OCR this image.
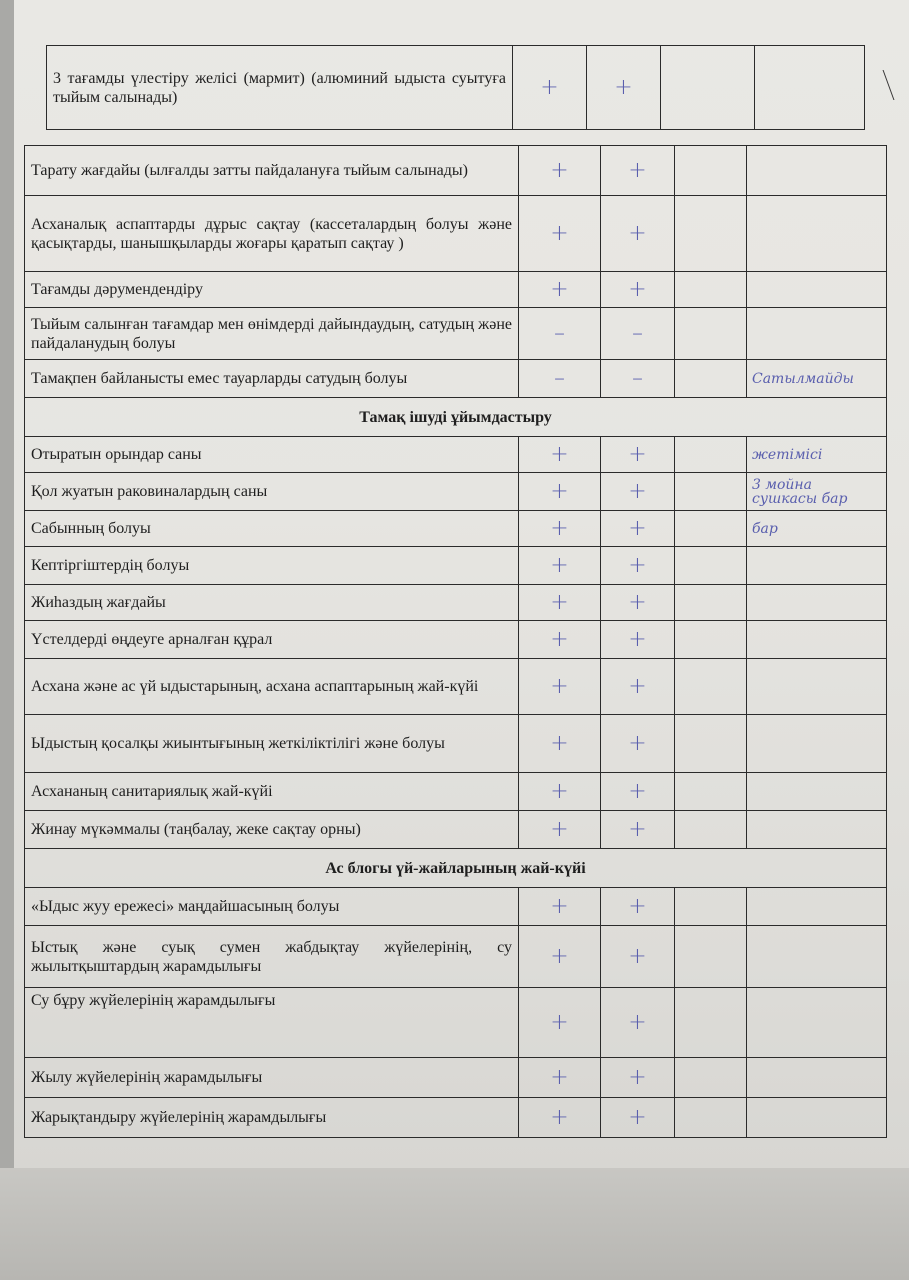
3 тағамды үлестіру желісі (мармит) (алюминий ыдыста суытуға тыйым салынады)	+	+		
Тарату жағдайы (ылғалды затты пайдалануға тыйым салынады)	+	+		
Асханалық аспаптарды дұрыс сақтау (кассеталардың болуы және қасықтарды, шанышқыларды жоғары қаратып сақтау )	+	+		
Тағамды дәрумендендіру	+	+		
Тыйым салынған тағамдар мен өнімдерді дайындаудың, сатудың және пайдаланудың болуы	–	–		
Тамақпен байланысты емес тауарларды сатудың болуы	–	–		Сатылмайды
Тамақ ішуді ұйымдастыру				
Отыратын орындар саны	+	+		жетімісі
Қол жуатын раковиналардың саны	+	+		3 мойна сушкасы бар
Сабынның болуы	+	+		бар
Кептіргіштердің болуы	+	+		
Жиһаздың жағдайы	+	+		
Үстелдерді өңдеуге арналған құрал	+	+		
Асхана және ас үй ыдыстарының, асхана аспаптарының жай-күйі	+	+		
Ыдыстың қосалқы жиынтығының жеткіліктілігі және болуы	+	+		
Асхананың санитариялық жай-күйі	+	+		
Жинау мүкәммалы (таңбалау, жеке сақтау орны)	+	+		
Ас блогы үй-жайларының жай-күйі				
«Ыдыс жуу ережесі» маңдайшасының болуы	+	+		
Ыстық және суық сумен жабдықтау жүйелерінің, су жылытқыштардың жарамдылығы	+	+		
Су бұру жүйелерінің жарамдылығы	+	+		
Жылу жүйелерінің жарамдылығы	+	+		
Жарықтандыру жүйелерінің жарамдылығы	+	+		
